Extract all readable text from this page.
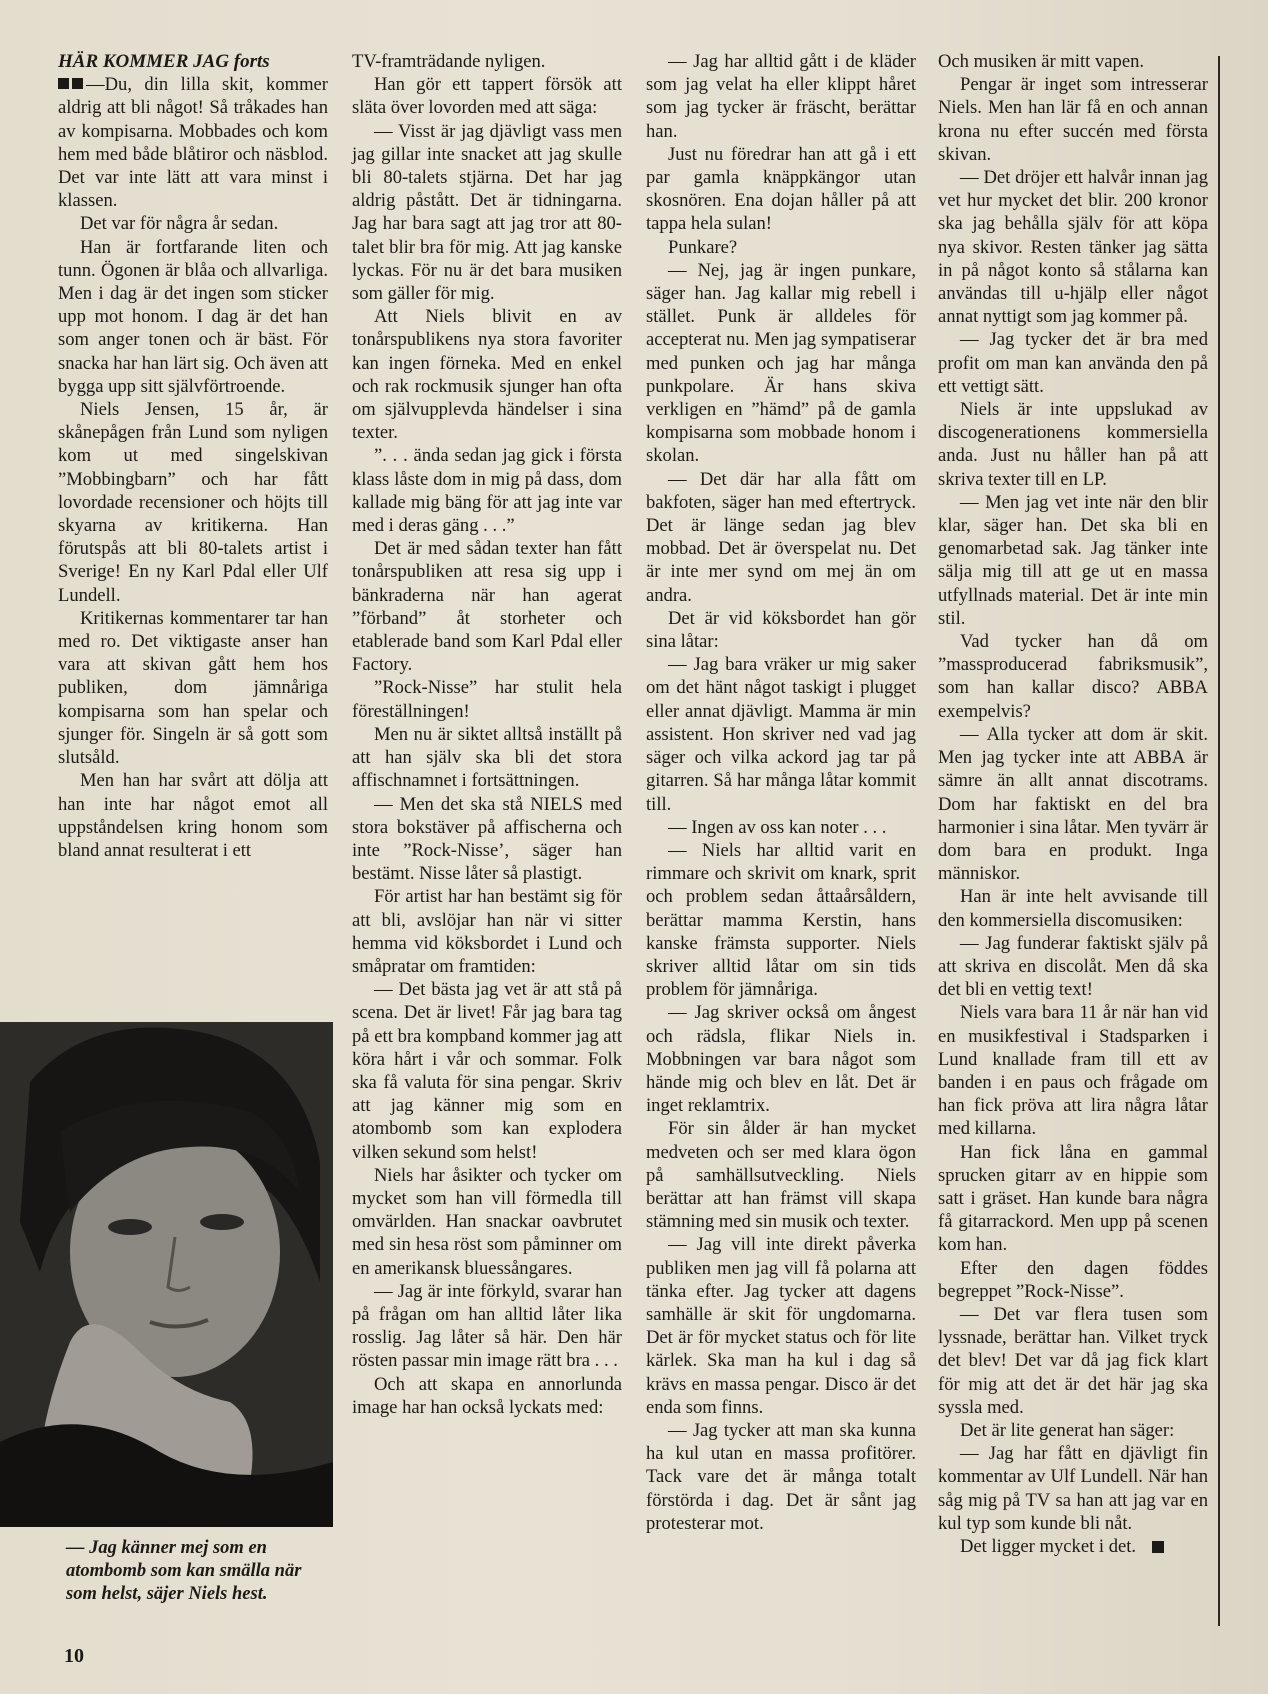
HÄR KOMMER JAG forts

—Du, din lilla skit, kommer aldrig att bli något! Så tråkades han av kompisarna. Mobbades och kom hem med både blåtiror och näsblod. Det var inte lätt att vara minst i klassen.

Det var för några år sedan.

Han är fortfarande liten och tunn. Ögonen är blåa och allvarliga. Men i dag är det ingen som sticker upp mot honom. I dag är det han som anger tonen och är bäst. För snacka har han lärt sig. Och även att bygga upp sitt självförtroende.

Niels Jensen, 15 år, är skånepågen från Lund som nyligen kom ut med singelskivan ”Mobbingbarn” och har fått lovordade recensioner och höjts till skyarna av kritikerna. Han förutspås att bli 80-talets artist i Sverige! En ny Karl Pdal eller Ulf Lundell.

Kritikernas kommentarer tar han med ro. Det viktigaste anser han vara att skivan gått hem hos publiken, dom jämnåriga kompisarna som han spelar och sjunger för. Singeln är så gott som slutsåld.

Men han har svårt att dölja att han inte har något emot all uppståndelsen kring honom som bland annat resulterat i ett

TV-framträdande nyligen.

Han gör ett tappert försök att släta över lovorden med att säga:

— Visst är jag djävligt vass men jag gillar inte snacket att jag skulle bli 80-talets stjärna. Det har jag aldrig påstått. Det är tidningarna. Jag har bara sagt att jag tror att 80-talet blir bra för mig. Att jag kanske lyckas. För nu är det bara musiken som gäller för mig.

Att Niels blivit en av tonårspublikens nya stora favoriter kan ingen förneka. Med en enkel och rak rockmusik sjunger han ofta om självupplevda händelser i sina texter.

”. . . ända sedan jag gick i första klass låste dom in mig på dass, dom kallade mig bäng för att jag inte var med i deras gäng . . .”

Det är med sådan texter han fått tonårspubliken att resa sig upp i bänkraderna när han agerat ”förband” åt storheter och etablerade band som Karl Pdal eller Factory.

”Rock-Nisse” har stulit hela föreställningen!

Men nu är siktet alltså inställt på att han själv ska bli det stora affischnamnet i fortsättningen.

— Men det ska stå NIELS med stora bokstäver på affischerna och inte ”Rock-Nisse’, säger han bestämt. Nisse låter så plastigt.

För artist har han bestämt sig för att bli, avslöjar han när vi sitter hemma vid köksbordet i Lund och småpratar om framtiden:

— Det bästa jag vet är att stå på scena. Det är livet! Får jag bara tag på ett bra kompband kommer jag att köra hårt i vår och sommar. Folk ska få valuta för sina pengar. Skriv att jag känner mig som en atombomb som kan explodera vilken sekund som helst!

Niels har åsikter och tycker om mycket som han vill förmedla till omvärlden. Han snackar oavbrutet med sin hesa röst som påminner om en amerikansk bluessångares.

— Jag är inte förkyld, svarar han på frågan om han alltid låter lika rosslig. Jag låter så här. Den här rösten passar min image rätt bra . . .

Och att skapa en annorlunda image har han också lyckats med:

— Jag har alltid gått i de kläder som jag velat ha eller klippt håret som jag tycker är fräscht, berättar han.

Just nu föredrar han att gå i ett par gamla knäppkängor utan skosnören. Ena dojan håller på att tappa hela sulan!

Punkare?

— Nej, jag är ingen punkare, säger han. Jag kallar mig rebell i stället. Punk är alldeles för accepterat nu. Men jag sympatiserar med punken och jag har många punkpolare. Är hans skiva verkligen en ”hämd” på de gamla kompisarna som mobbade honom i skolan.

— Det där har alla fått om bakfoten, säger han med eftertryck. Det är länge sedan jag blev mobbad. Det är överspelat nu. Det är inte mer synd om mej än om andra.

Det är vid köksbordet han gör sina låtar:

— Jag bara vräker ur mig saker om det hänt något taskigt i plugget eller annat djävligt. Mamma är min assistent. Hon skriver ned vad jag säger och vilka ackord jag tar på gitarren. Så har många låtar kommit till.

— Ingen av oss kan noter . . .

— Niels har alltid varit en rimmare och skrivit om knark, sprit och problem sedan åttaårsåldern, berättar mamma Kerstin, hans kanske främsta supporter. Niels skriver alltid låtar om sin tids problem för jämnåriga.

— Jag skriver också om ångest och rädsla, flikar Niels in. Mobbningen var bara något som hände mig och blev en låt. Det är inget reklamtrix.

För sin ålder är han mycket medveten och ser med klara ögon på samhällsutveckling. Niels berättar att han främst vill skapa stämning med sin musik och texter.

— Jag vill inte direkt påverka publiken men jag vill få polarna att tänka efter. Jag tycker att dagens samhälle är skit för ungdomarna. Det är för mycket status och för lite kärlek. Ska man ha kul i dag så krävs en massa pengar. Disco är det enda som finns.

— Jag tycker att man ska kunna ha kul utan en massa profitörer. Tack vare det är många totalt förstörda i dag. Det är sånt jag protesterar mot.

Och musiken är mitt vapen.

Pengar är inget som intresserar Niels. Men han lär få en och annan krona nu efter succén med första skivan.

— Det dröjer ett halvår innan jag vet hur mycket det blir. 200 kronor ska jag behålla själv för att köpa nya skivor. Resten tänker jag sätta in på något konto så stålarna kan användas till u-hjälp eller något annat nyttigt som jag kommer på.

— Jag tycker det är bra med profit om man kan använda den på ett vettigt sätt.

Niels är inte uppslukad av discogenerationens kommersiella anda. Just nu håller han på att skriva texter till en LP.

— Men jag vet inte när den blir klar, säger han. Det ska bli en genomarbetad sak. Jag tänker inte sälja mig till att ge ut en massa utfyllnads material. Det är inte min stil.

Vad tycker han då om ”massproducerad fabriksmusik”, som han kallar disco? ABBA exempelvis?

— Alla tycker att dom är skit. Men jag tycker inte att ABBA är sämre än allt annat discotrams. Dom har faktiskt en del bra harmonier i sina låtar. Men tyvärr är dom bara en produkt. Inga människor.

Han är inte helt avvisande till den kommersiella discomusiken:

— Jag funderar faktiskt själv på att skriva en discolåt. Men då ska det bli en vettig text!

Niels vara bara 11 år när han vid en musikfestival i Stadsparken i Lund knallade fram till ett av banden i en paus och frågade om han fick pröva att lira några låtar med killarna.

Han fick låna en gammal sprucken gitarr av en hippie som satt i gräset. Han kunde bara några få gitarrackord. Men upp på scenen kom han.

Efter den dagen föddes begreppet ”Rock-Nisse”.

— Det var flera tusen som lyssnade, berättar han. Vilket tryck det blev! Det var då jag fick klart för mig att det är det här jag ska syssla med.

Det är lite generat han säger:

— Jag har fått en djävligt fin kommentar av Ulf Lundell. När han såg mig på TV sa han att jag var en kul typ som kunde bli nåt.

Det ligger mycket i det.

— Jag känner mej som en atombomb som kan smälla när som helst, säjer Niels hest.
10
